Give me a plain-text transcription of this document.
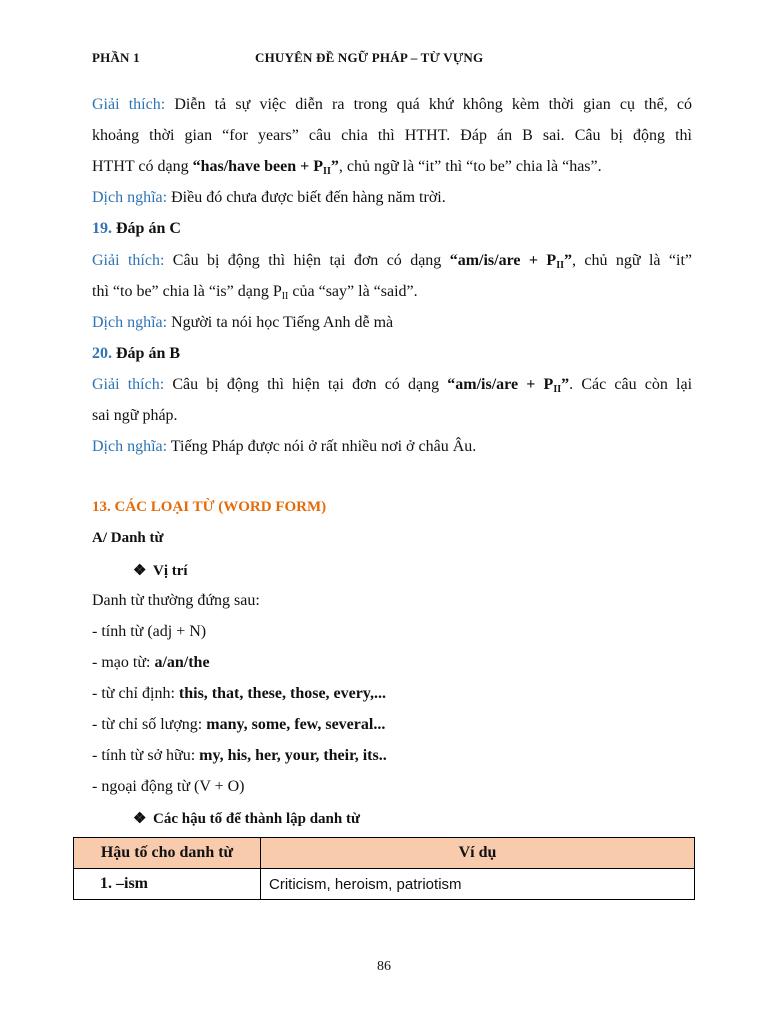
PHẦN 1	CHUYÊN ĐỀ NGỮ PHÁP – TỪ VỰNG
Giải thích: Diễn tả sự việc diễn ra trong quá khứ không kèm thời gian cụ thể, có
khoảng thời gian “for years” câu chia thì HTHT. Đáp án B sai. Câu bị động thì
HTHT có dạng “has/have been + $P_{II}$”, chủ ngữ là “it” thì “to be” chia là “has”.
Dịch nghĩa: Điều đó chưa được biết đến hàng năm trời.
19. Đáp án C
Giải thích: Câu bị động thì hiện tại đơn có dạng “$am/is/are + P_{II}$”, chủ ngữ là “it”
thì “to be” chia là “is” dạng $P_{II}$ của “say” là “said”.
Dịch nghĩa: Người ta nói học Tiếng Anh dễ mà
20. Đáp án B
Giải thích: Câu bị động thì hiện tại đơn có dạng “$am/is/are + P_{II}$”. Các câu còn lại
sai ngữ pháp.
Dịch nghĩa: Tiếng Pháp được nói ở rất nhiều nơi ở châu Âu.
13. CÁC LOẠI TỪ (WORD FORM)
A/ Danh từ
❖ Vị trí
Danh từ thường đứng sau:
- tính từ (adj + N)
- mạo từ: a/an/the
- từ chỉ định: this, that, these, those, every,...
- từ chỉ số lượng: many, some, few, several...
- tính từ sở hữu: my, his, her, your, their, its..
- ngoại động từ (V + O)
❖ Các hậu tố để thành lập danh từ
Hậu tố cho danh từ	Ví dụ
1. –ism	Criticism, heroism, patriotism
86
